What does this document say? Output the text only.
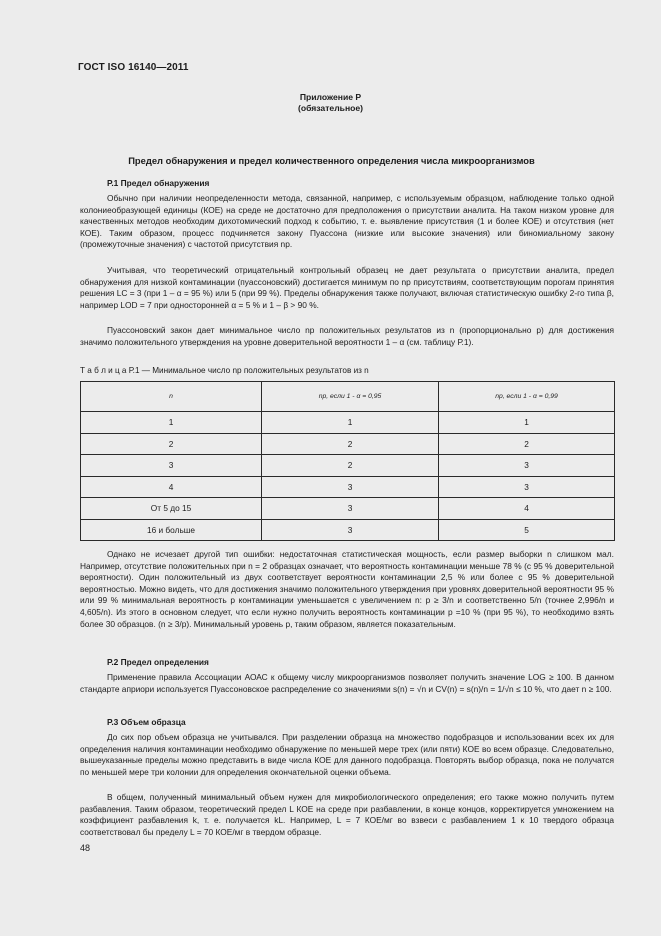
ГОСТ ISO 16140—2011
Приложение Р
(обязательное)
Предел обнаружения и предел количественного определения числа микроорганизмов
Р.1 Предел обнаружения

Обычно при наличии неопределенности метода, связанной, например, с используемым образцом, наблюдение только одной колониеобразующей единицы (КОЕ) на среде не достаточно для предположения о присутствии аналита. На таком низком уровне для качественных методов необходим дихотомический подход к событию, т. е. выявление присутствия (1 и более КОЕ) и отсутствия (нет КОЕ). Таким образом, процесс подчиняется закону Пуассона (низкие или высокие значения) или биномиальному закону (промежуточные значения) с частотой присутствия np.

Учитывая, что теоретический отрицательный контрольный образец не дает результата о присутствии аналита, предел обнаружения для низкой контаминации (пуассоновский) достигается минимум по np присутствиям, соответствующим порогам принятия решения LC = 3 (при 1 – α = 95 %) или 5 (при 99 %). Пределы обнаружения также получают, включая статистическую ошибку 2-го типа β, например LOD = 7 при односторонней α = 5 % и 1 – β > 90 %.

Пуассоновский закон дает минимальное число np положительных результатов из n (пропорционально p) для достижения значимо положительного утверждения на уровне доверительной вероятности 1 – α (см. таблицу Р.1).

Т а б л и ц а Р.1 — Минимальное число np положительных результатов из n
n	np, если 1 - α = 0,95	np, если 1 - α = 0,99
1	1	1
2	2	2
3	2	3
4	3	3
От 5 до 15	3	4
16 и больше	3	5

Однако не исчезает другой тип ошибки: недостаточная статистическая мощность, если размер выборки n слишком мал. Например, отсутствие положительных при n = 2 образцах означает, что вероятность контаминации меньше 78 % (с 95 % доверительной вероятности). Один положительный из двух соответствует вероятности контаминации 2,5 % или более с 95 % доверительной вероятностью. Можно видеть, что для достижения значимо положительного утверждения при уровнях доверительной вероятности 95 % или 99 % минимальная вероятность p контаминации уменьшается с увеличением n: p ≥ 3/n и соответственно 5/n (точнее 2,996/n и 4,605/n). Из этого в основном следует, что если нужно получить вероятность контаминации p =10 % (при 95 %), то необходимо взять более 30 образцов. (n ≥ 3/p). Минимальный уровень p, таким образом, является показательным.

Р.2 Предел определения

Применение правила Ассоциации АОАС к общему числу микроорганизмов позволяет получить значение LOG ≥ 100. В данном стандарте априори используется Пуассоновское распределение со значениями s(n) = √n и CV(n) = s(n)/n = 1/√n ≤ 10 %, что дает n ≥ 100.

Р.3 Объем образца

До сих пор объем образца не учитывался. При разделении образца на множество подобразцов и использовании всех их для определения наличия контаминации необходимо обнаружение по меньшей мере трех (или пяти) КОЕ во всем образце. Следовательно, вышеуказанные пределы можно представить в виде числа КОЕ для данного подобразца. Повторять выбор образца, пока не получатся по меньшей мере три колонии для определения окончательной оценки объема.

В общем, полученный минимальный объем нужен для микробиологического определения; его также можно получить путем разбавления. Таким образом, теоретический предел L КОЕ на среде при разбавлении, в конце концов, корректируется умножением на коэффициент разбавления k, т. е. получается kL. Например, L = 7 КОЕ/мг во взвеси с разбавлением 1 к 10 твердого образца соответствовал бы пределу L = 70 КОЕ/мг в твердом образце.

48
